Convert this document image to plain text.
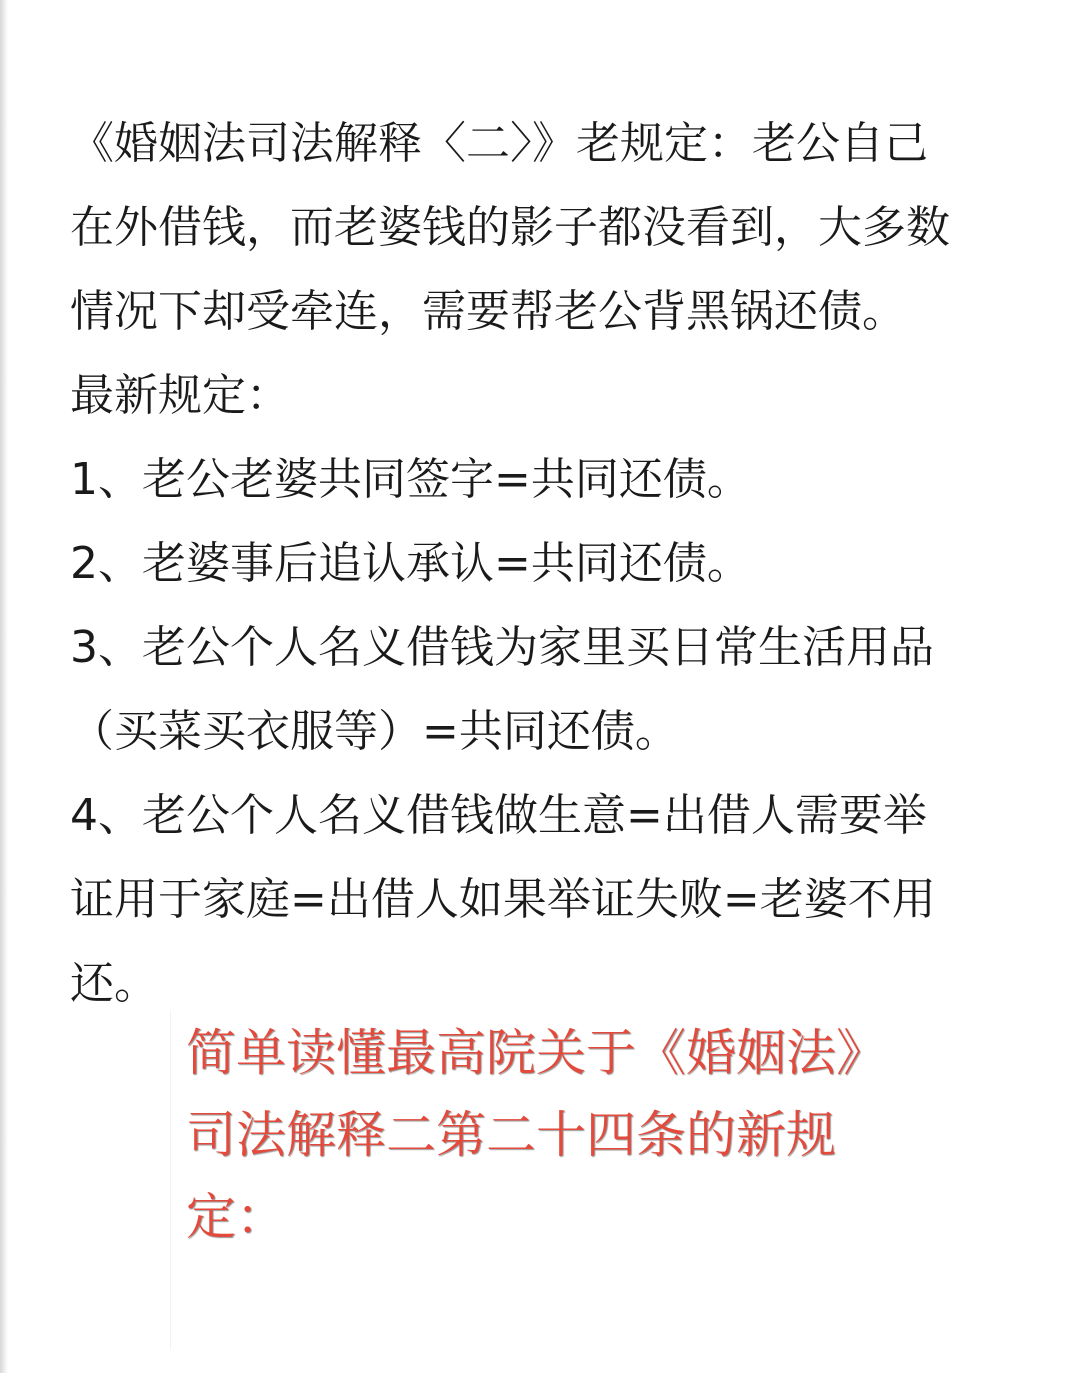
《婚姻法司法解释〈二〉》老规定：老公自己
在外借钱，而老婆钱的影子都没看到，大多数
情况下却受牵连，需要帮老公背黑锅还债。
最新规定：
1、老公老婆共同签字=共同还债。
2、老婆事后追认承认=共同还债。
3、老公个人名义借钱为家里买日常生活用品
（买菜买衣服等）=共同还债。
4、老公个人名义借钱做生意=出借人需要举
证用于家庭=出借人如果举证失败=老婆不用
还。
简单读懂最高院关于《婚姻法》
司法解释二第二十四条的新规
定：
